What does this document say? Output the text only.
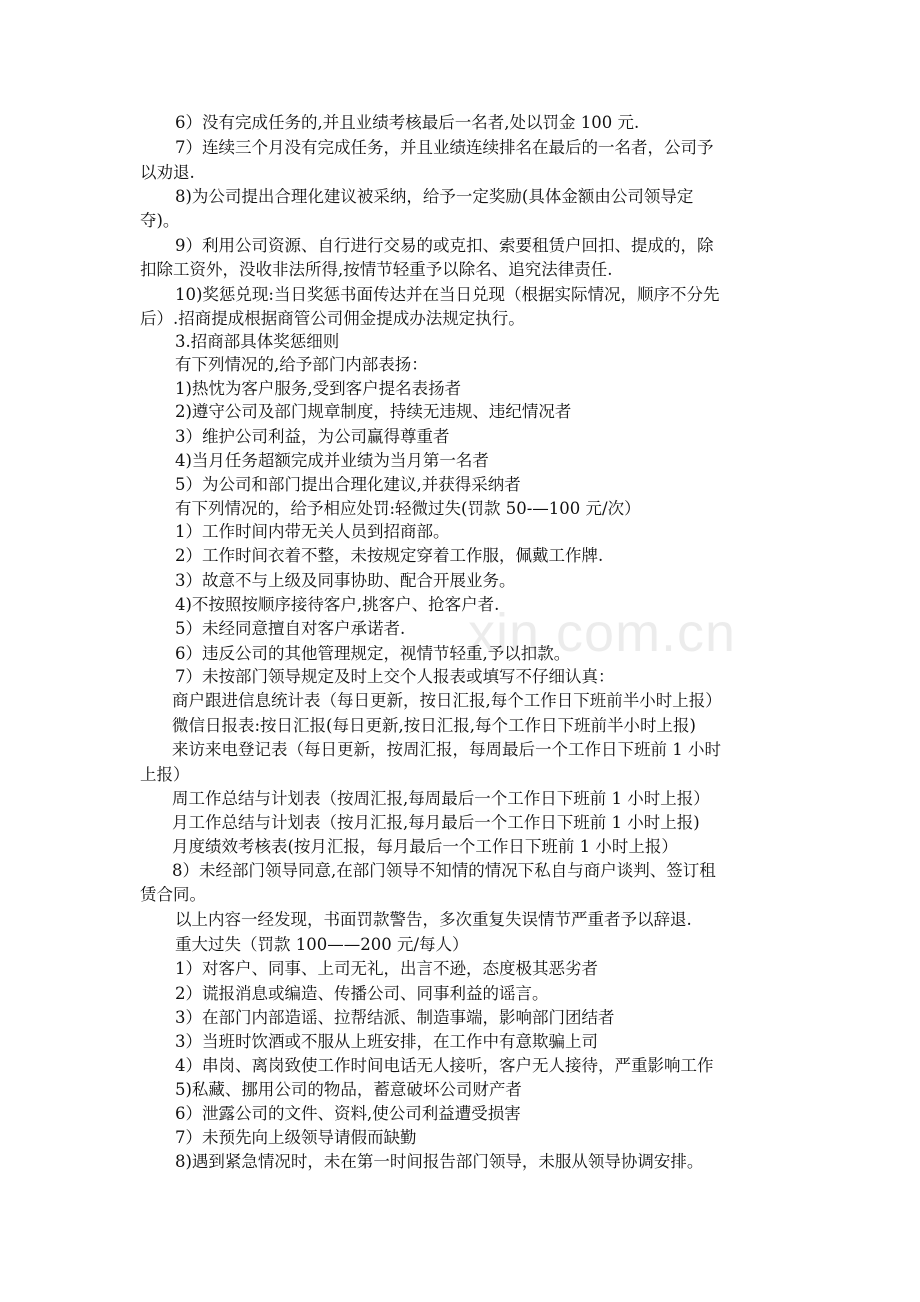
xin.com.cn
6）没有完成任务的,并且业绩考核最后一名者,处以罚金 100 元.
7）连续三个月没有完成任务，并且业绩连续排名在最后的一名者，公司予
以劝退.
8)为公司提出合理化建议被采纳，给予一定奖励(具体金额由公司领导定
夺)。
9）利用公司资源、自行进行交易的或克扣、索要租赁户回扣、提成的，除
扣除工资外，没收非法所得,按情节轻重予以除名、追究法律责任.
10)奖惩兑现:当日奖惩书面传达并在当日兑现（根据实际情况，顺序不分先
后）.招商提成根据商管公司佣金提成办法规定执行。
3.招商部具体奖惩细则
有下列情况的,给予部门内部表扬：
1)热忱为客户服务,受到客户提名表扬者
2)遵守公司及部门规章制度，持续无违规、违纪情况者
3）维护公司利益，为公司赢得尊重者
4)当月任务超额完成并业绩为当月第一名者
5）为公司和部门提出合理化建议,并获得采纳者
有下列情况的，给予相应处罚:轻微过失(罚款 50-—100 元/次）
1）工作时间内带无关人员到招商部。
2）工作时间衣着不整，未按规定穿着工作服，佩戴工作牌.
3）故意不与上级及同事协助、配合开展业务。
4)不按照按顺序接待客户,挑客户、抢客户者.
5）未经同意擅自对客户承诺者.
6）违反公司的其他管理规定，视情节轻重,予以扣款。
7）未按部门领导规定及时上交个人报表或填写不仔细认真：
商户跟进信息统计表（每日更新，按日汇报,每个工作日下班前半小时上报）
微信日报表:按日汇报(每日更新,按日汇报,每个工作日下班前半小时上报)
来访来电登记表（每日更新，按周汇报，每周最后一个工作日下班前 1 小时
上报）
周工作总结与计划表（按周汇报,每周最后一个工作日下班前 1 小时上报）
月工作总结与计划表（按月汇报,每月最后一个工作日下班前 1 小时上报)
月度绩效考核表(按月汇报，每月最后一个工作日下班前 1 小时上报）
8）未经部门领导同意,在部门领导不知情的情况下私自与商户谈判、签订租
赁合同。
以上内容一经发现，书面罚款警告，多次重复失误情节严重者予以辞退.
重大过失（罚款 100——200 元/每人）
1）对客户、同事、上司无礼，出言不逊，态度极其恶劣者
2）谎报消息或编造、传播公司、同事利益的谣言。
3）在部门内部造谣、拉帮结派、制造事端，影响部门团结者
3）当班时饮酒或不服从上班安排，在工作中有意欺骗上司
4）串岗、离岗致使工作时间电话无人接听，客户无人接待，严重影响工作
5)私藏、挪用公司的物品，蓄意破坏公司财产者
6）泄露公司的文件、资料,使公司利益遭受损害
7）未预先向上级领导请假而缺勤
8)遇到紧急情况时，未在第一时间报告部门领导，未服从领导协调安排。
